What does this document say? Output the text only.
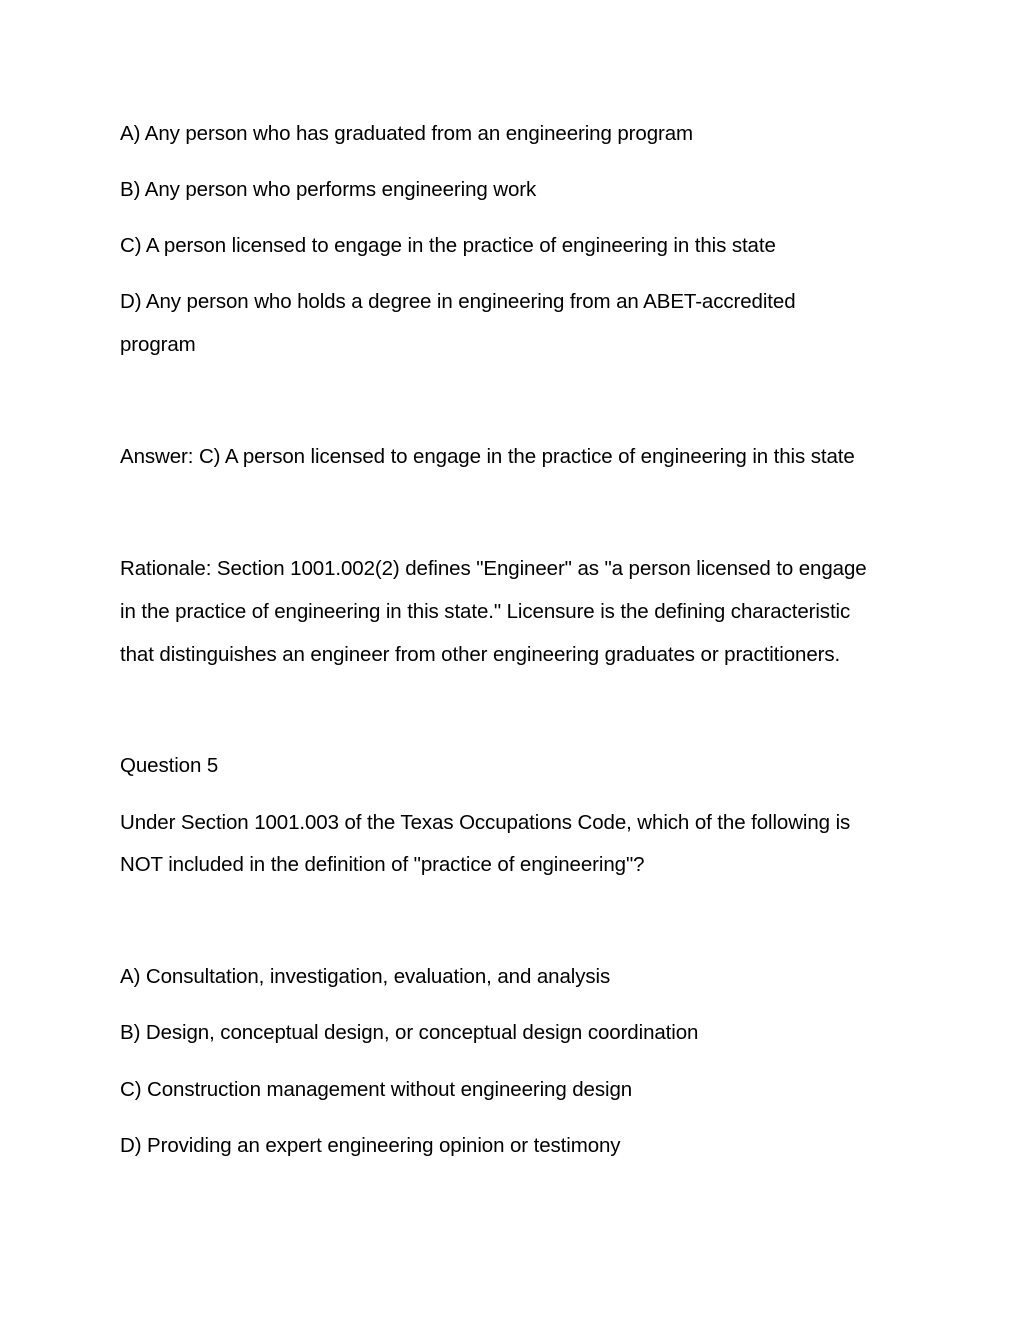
A) Any person who has graduated from an engineering program
B) Any person who performs engineering work
C) A person licensed to engage in the practice of engineering in this state
D) Any person who holds a degree in engineering from an ABET-accredited
program
Answer: C) A person licensed to engage in the practice of engineering in this state
Rationale: Section 1001.002(2) defines "Engineer" as "a person licensed to engage
in the practice of engineering in this state." Licensure is the defining characteristic
that distinguishes an engineer from other engineering graduates or practitioners.
Question 5
Under Section 1001.003 of the Texas Occupations Code, which of the following is
NOT included in the definition of "practice of engineering"?
A) Consultation, investigation, evaluation, and analysis
B) Design, conceptual design, or conceptual design coordination
C) Construction management without engineering design
D) Providing an expert engineering opinion or testimony
